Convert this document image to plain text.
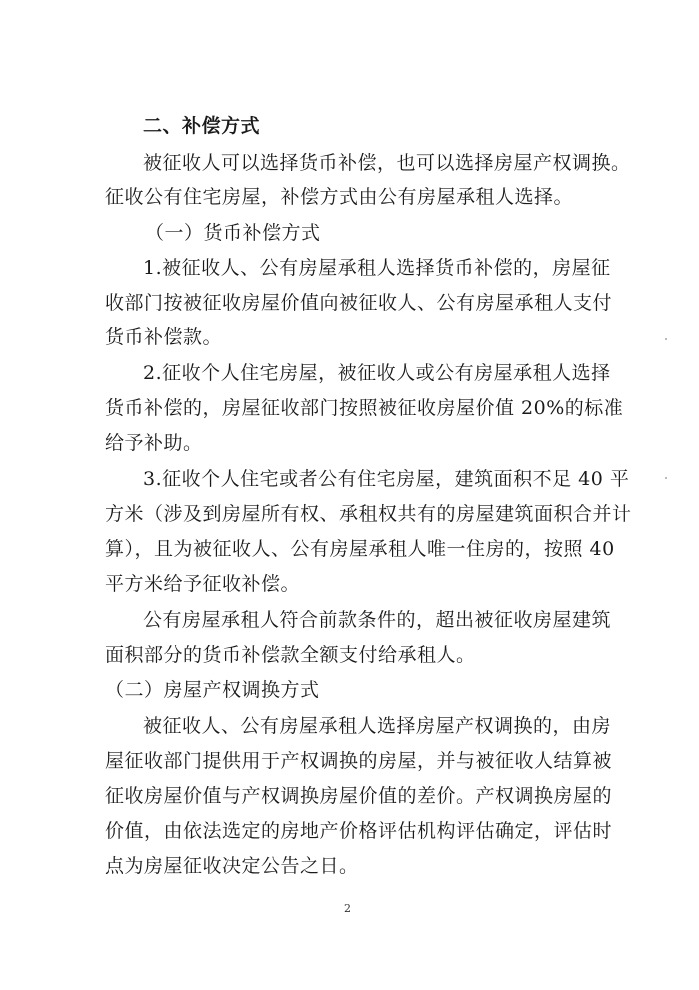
二、补偿方式
被征收人可以选择货币补偿，也可以选择房屋产权调换。
征收公有住宅房屋，补偿方式由公有房屋承租人选择。
（一）货币补偿方式
1.被征收人、公有房屋承租人选择货币补偿的，房屋征
收部门按被征收房屋价值向被征收人、公有房屋承租人支付
货币补偿款。
2.征收个人住宅房屋，被征收人或公有房屋承租人选择
货币补偿的，房屋征收部门按照被征收房屋价值 20%的标准
给予补助。
3.征收个人住宅或者公有住宅房屋，建筑面积不足 40 平
方米（涉及到房屋所有权、承租权共有的房屋建筑面积合并计
算），且为被征收人、公有房屋承租人唯一住房的，按照 40
平方米给予征收补偿。
公有房屋承租人符合前款条件的，超出被征收房屋建筑
面积部分的货币补偿款全额支付给承租人。
（二）房屋产权调换方式
被征收人、公有房屋承租人选择房屋产权调换的，由房
屋征收部门提供用于产权调换的房屋，并与被征收人结算被
征收房屋价值与产权调换房屋价值的差价。产权调换房屋的
价值，由依法选定的房地产价格评估机构评估确定，评估时
点为房屋征收决定公告之日。
2
